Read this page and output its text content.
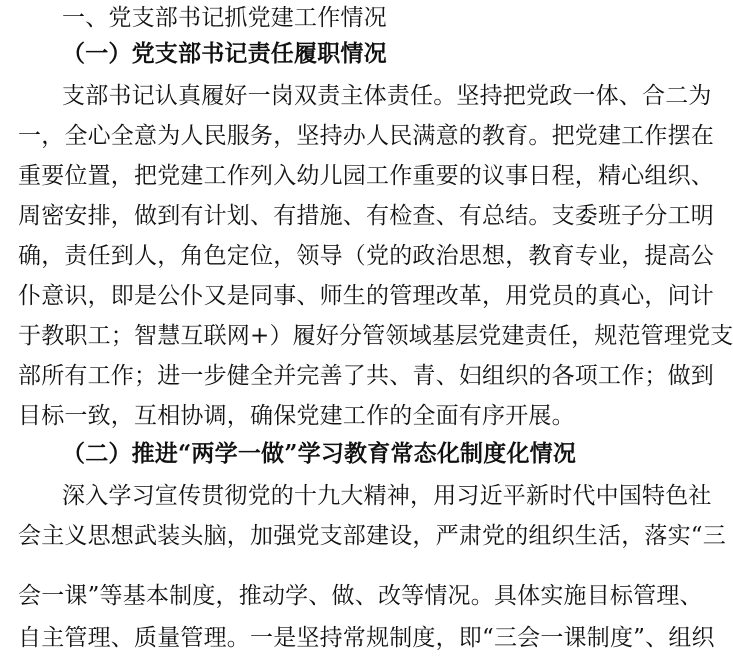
一、党支部书记抓党建工作情况
（一）党支部书记责任履职情况
支部书记认真履好一岗双责主体责任。坚持把党政一体、合二为
一，全心全意为人民服务，坚持办人民满意的教育。把党建工作摆在
重要位置，把党建工作列入幼儿园工作重要的议事日程，精心组织、
周密安排，做到有计划、有措施、有检查、有总结。支委班子分工明
确，责任到人，角色定位，领导（党的政治思想，教育专业，提高公
仆意识，即是公仆又是同事、师生的管理改革，用党员的真心，问计
于教职工；智慧互联网+）履好分管领域基层党建责任，规范管理党支
部所有工作；进一步健全并完善了共、青、妇组织的各项工作；做到
目标一致，互相协调，确保党建工作的全面有序开展。
（二）推进“两学一做”学习教育常态化制度化情况
深入学习宣传贯彻党的十九大精神，用习近平新时代中国特色社
会主义思想武装头脑，加强党支部建设，严肃党的组织生活，落实“三
会一课”等基本制度，推动学、做、改等情况。具体实施目标管理、
自主管理、质量管理。一是坚持常规制度，即“三会一课制度”、组织
